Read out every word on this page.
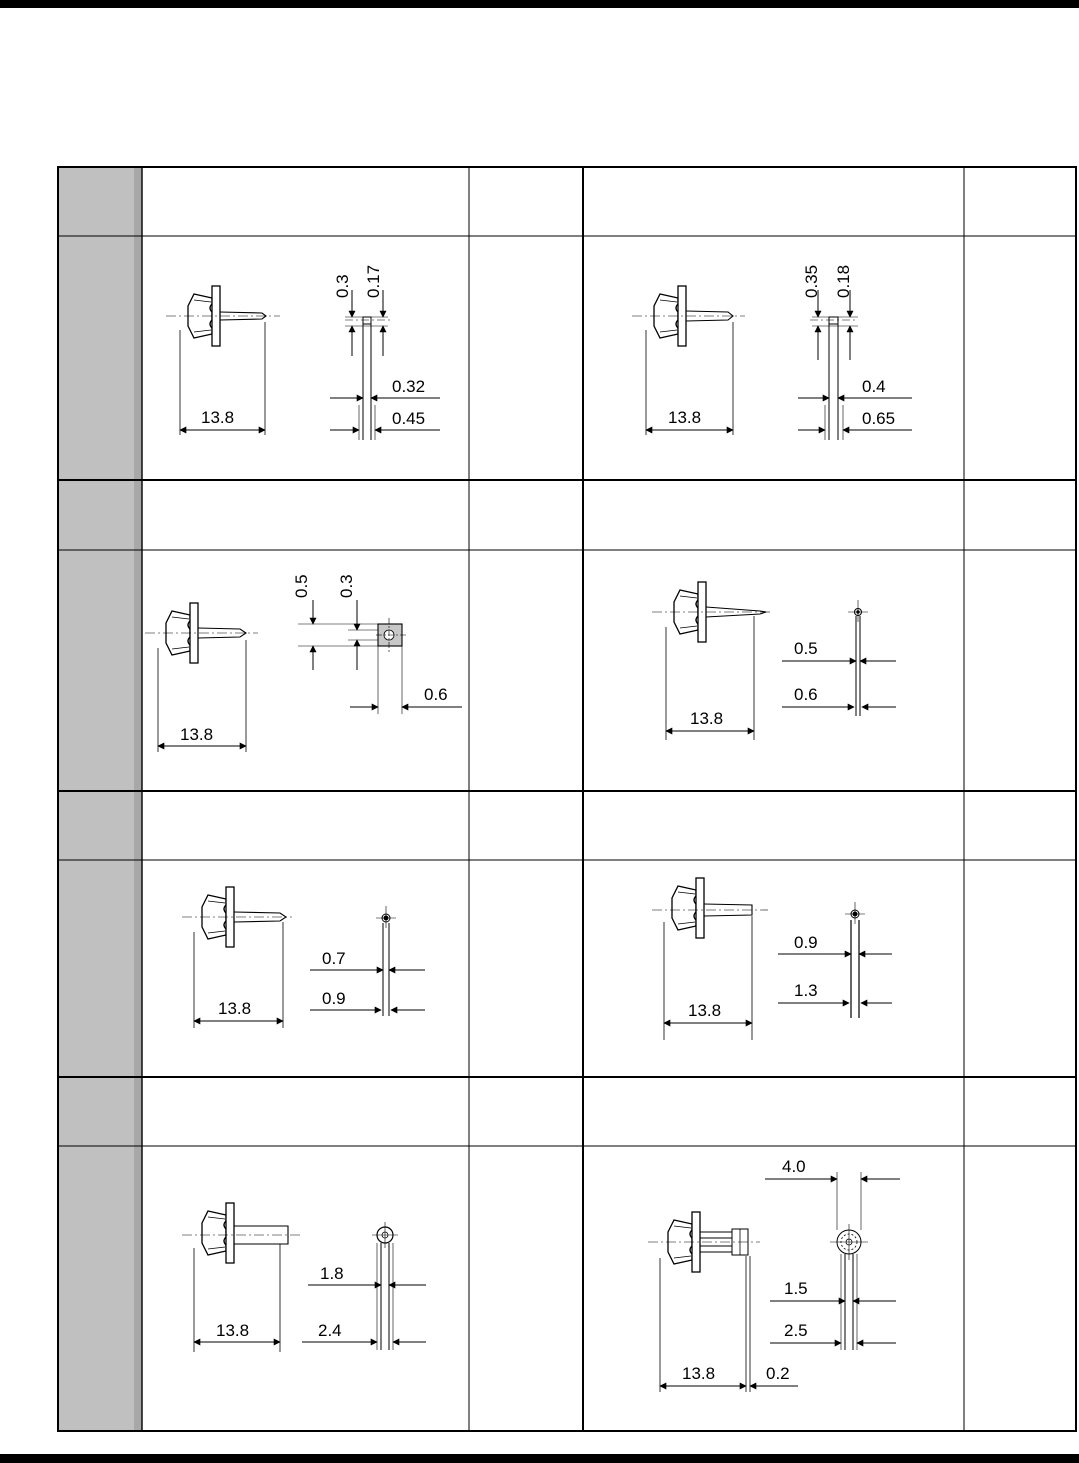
13.8
0.3 0.17
0.32
0.45	13.8
0.35 0.18
0.4
0.65
13.8
0.5 0.3
0.6
13.8
0.5
0.6
13.8
0.7
0.9
13.8
0.9
1.3
13.8
1.8
2.4
13.8
4.0
1.5
2.5
0.2
